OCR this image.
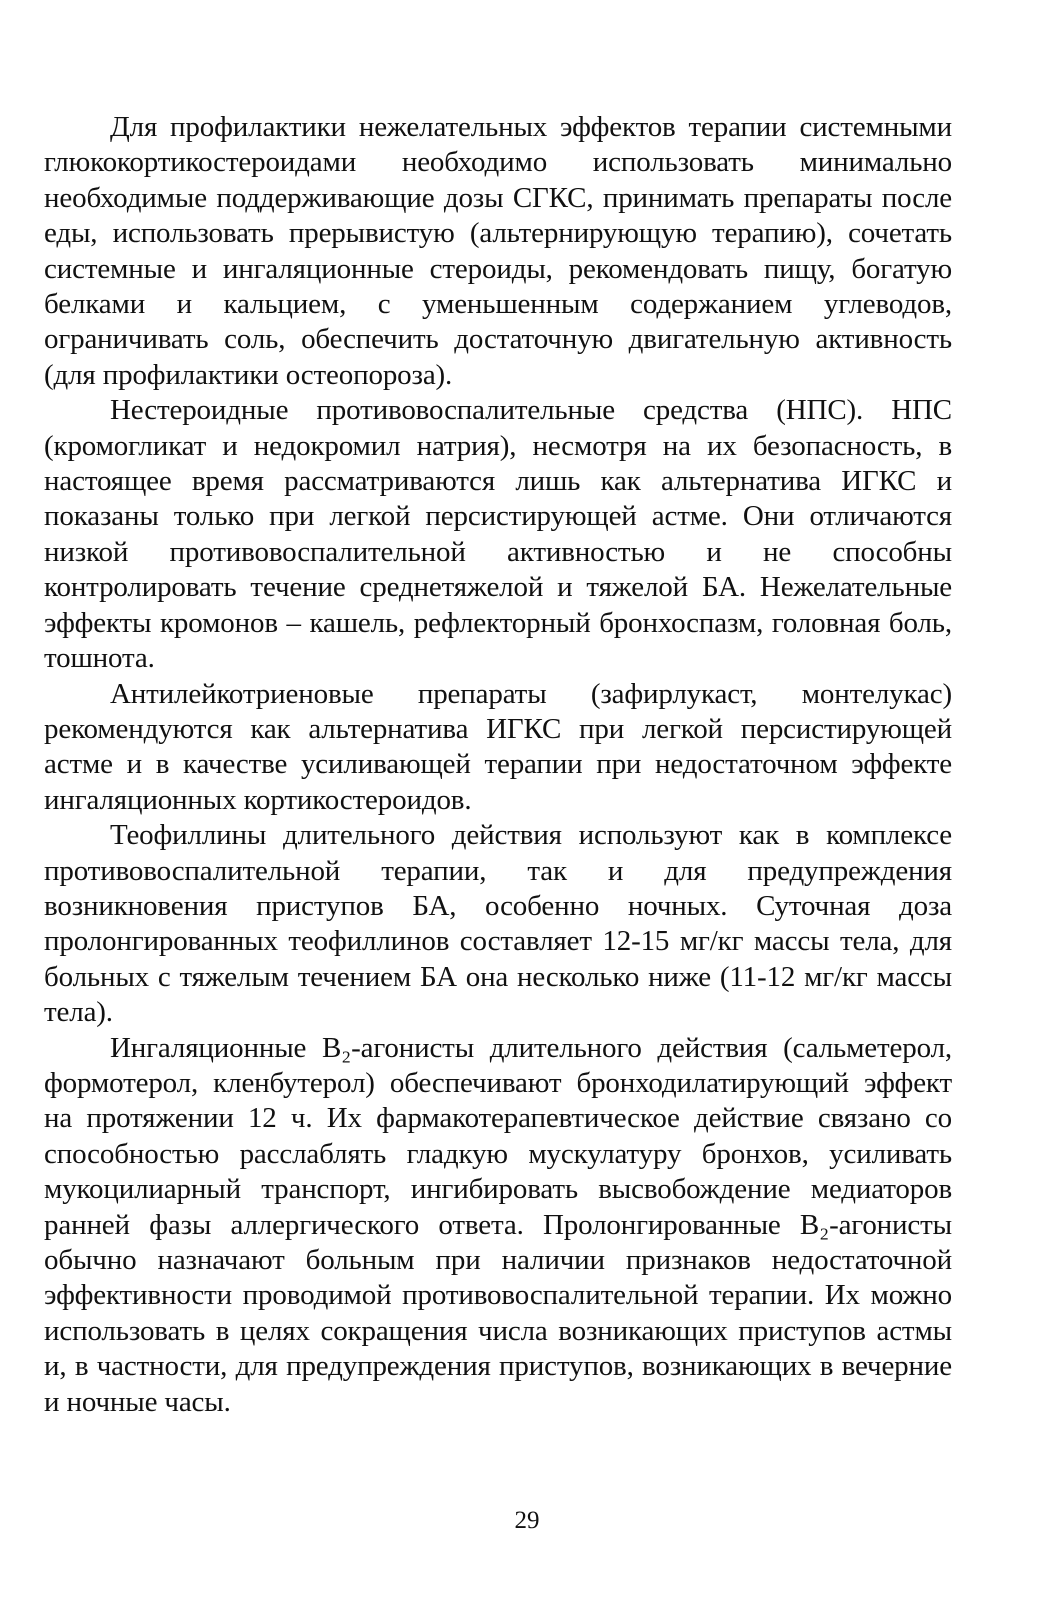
Для профилактики нежелательных эффектов терапии системными глюкокортикостероидами необходимо использовать минимально необходимые поддерживающие дозы СГКС, принимать препараты после еды, использовать прерывистую (альтернирующую терапию), сочетать системные и ингаляционные стероиды, рекомендовать пищу, богатую белками и кальцием, с уменьшенным содержанием углеводов, ограничивать соль, обеспечить достаточную двигательную активность (для профилактики остеопороза).

Нестероидные противовоспалительные средства (НПС). НПС (кромогликат и недокромил натрия), несмотря на их безопасность, в настоящее время рассматриваются лишь как альтернатива ИГКС и показаны только при легкой персистирующей астме. Они отличаются низкой противовоспалительной активностью и не способны контролировать течение среднетяжелой и тяжелой БА. Нежелательные эффекты кромонов – кашель, рефлекторный бронхоспазм, головная боль, тошнота.

Антилейкотриеновые препараты (зафирлукаст, монтелукас) рекомендуются как альтернатива ИГКС при легкой персистирующей астме и в качестве усиливающей терапии при недостаточном эффекте ингаляционных кортикостероидов.

Теофиллины длительного действия используют как в комплексе противовоспалительной терапии, так и для предупреждения возникновения приступов БА, особенно ночных. Суточная доза пролонгированных теофиллинов составляет 12-15 мг/кг массы тела, для больных с тяжелым течением БА она несколько ниже (11-12 мг/кг массы тела).

Ингаляционные В₂-агонисты длительного действия (сальметерол, формотерол, кленбутерол) обеспечивают бронходилатирующий эффект на протяжении 12 ч. Их фармакотерапевтическое действие связано со способностью расслаблять гладкую мускулатуру бронхов, усиливать мукоцилиарный транспорт, ингибировать высвобождение медиаторов ранней фазы аллергического ответа. Пролонгированные В₂-агонисты обычно назначают больным при наличии признаков недостаточной эффективности проводимой противовоспалительной терапии. Их можно использовать в целях сокращения числа возникающих приступов астмы и, в частности, для предупреждения приступов, возникающих в вечерние и ночные часы.

29
